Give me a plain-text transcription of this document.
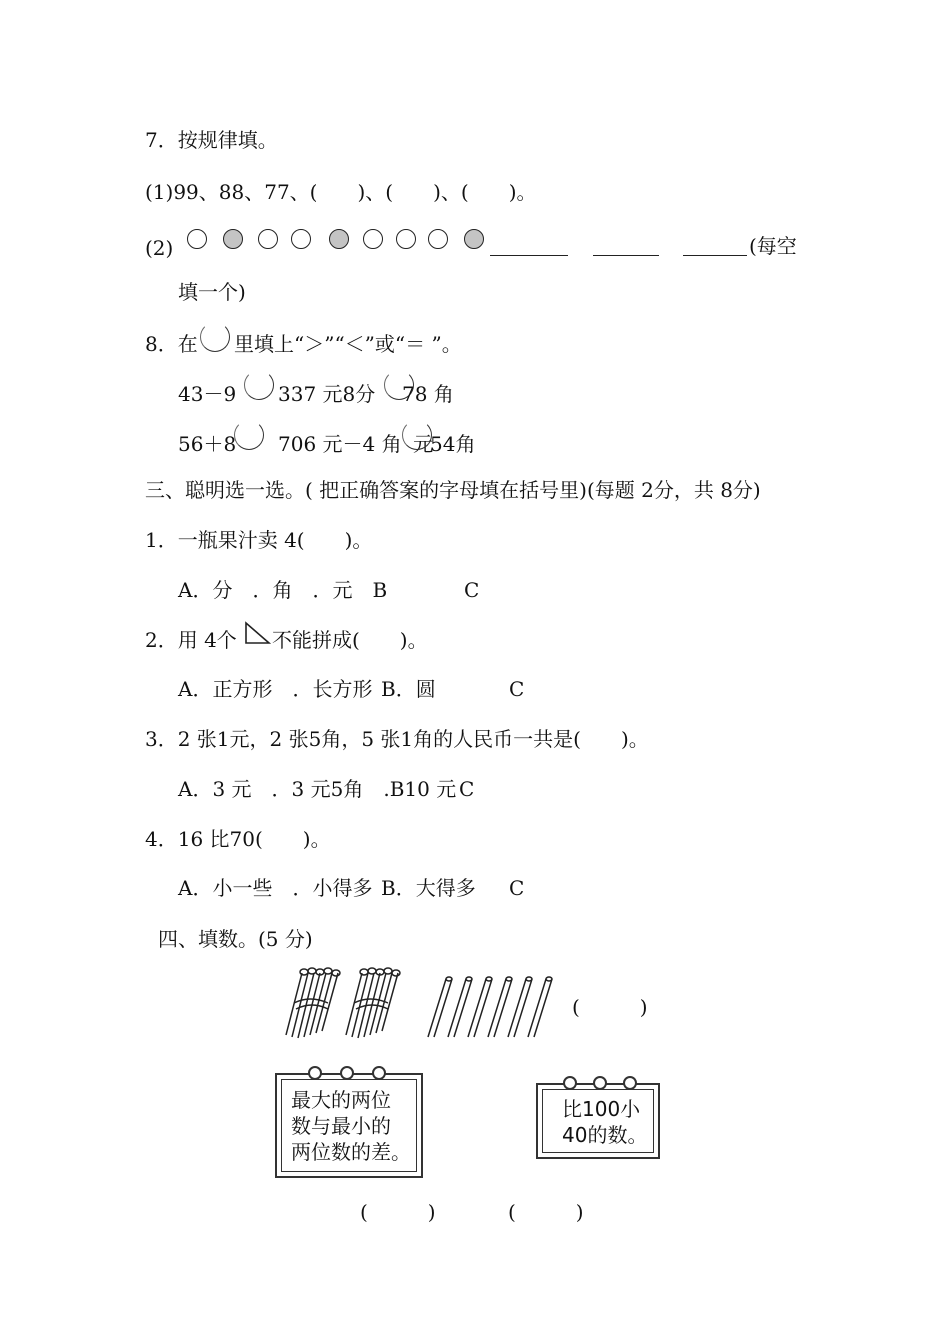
7．按规律填。
(1)99、88、77、(　　)、(　　)、(　　)。
(2)	(每空
填一个)
8．在 里填上“＞”“＜”或“＝ ”。
43－9 337 元8分 78 角
56＋8 706 元－4 角 元
54角
三、聪明选一选。( 把正确答案的字母填在括号里)(每题 2分，共 8分)
1．一瓶果汁卖 4(　　)。
A．分　．角　．元　B	C
2．用 4个 不能拼成(　　)。
A．正方形　．长方形 B．圆	C
3．2 张1元，2 张5角，5 张1角的人民币一共是(　　)。
A．3 元　．3 元5角　.B10 元 C
4．16 比70(　　)。
A．小一些　．小得多 B．大得多 C
四、填数。(5 分)
(　　　)
最大的两位
数与最小的
两位数的差。
比100小
40的数。
(　　　)	(　　　)
